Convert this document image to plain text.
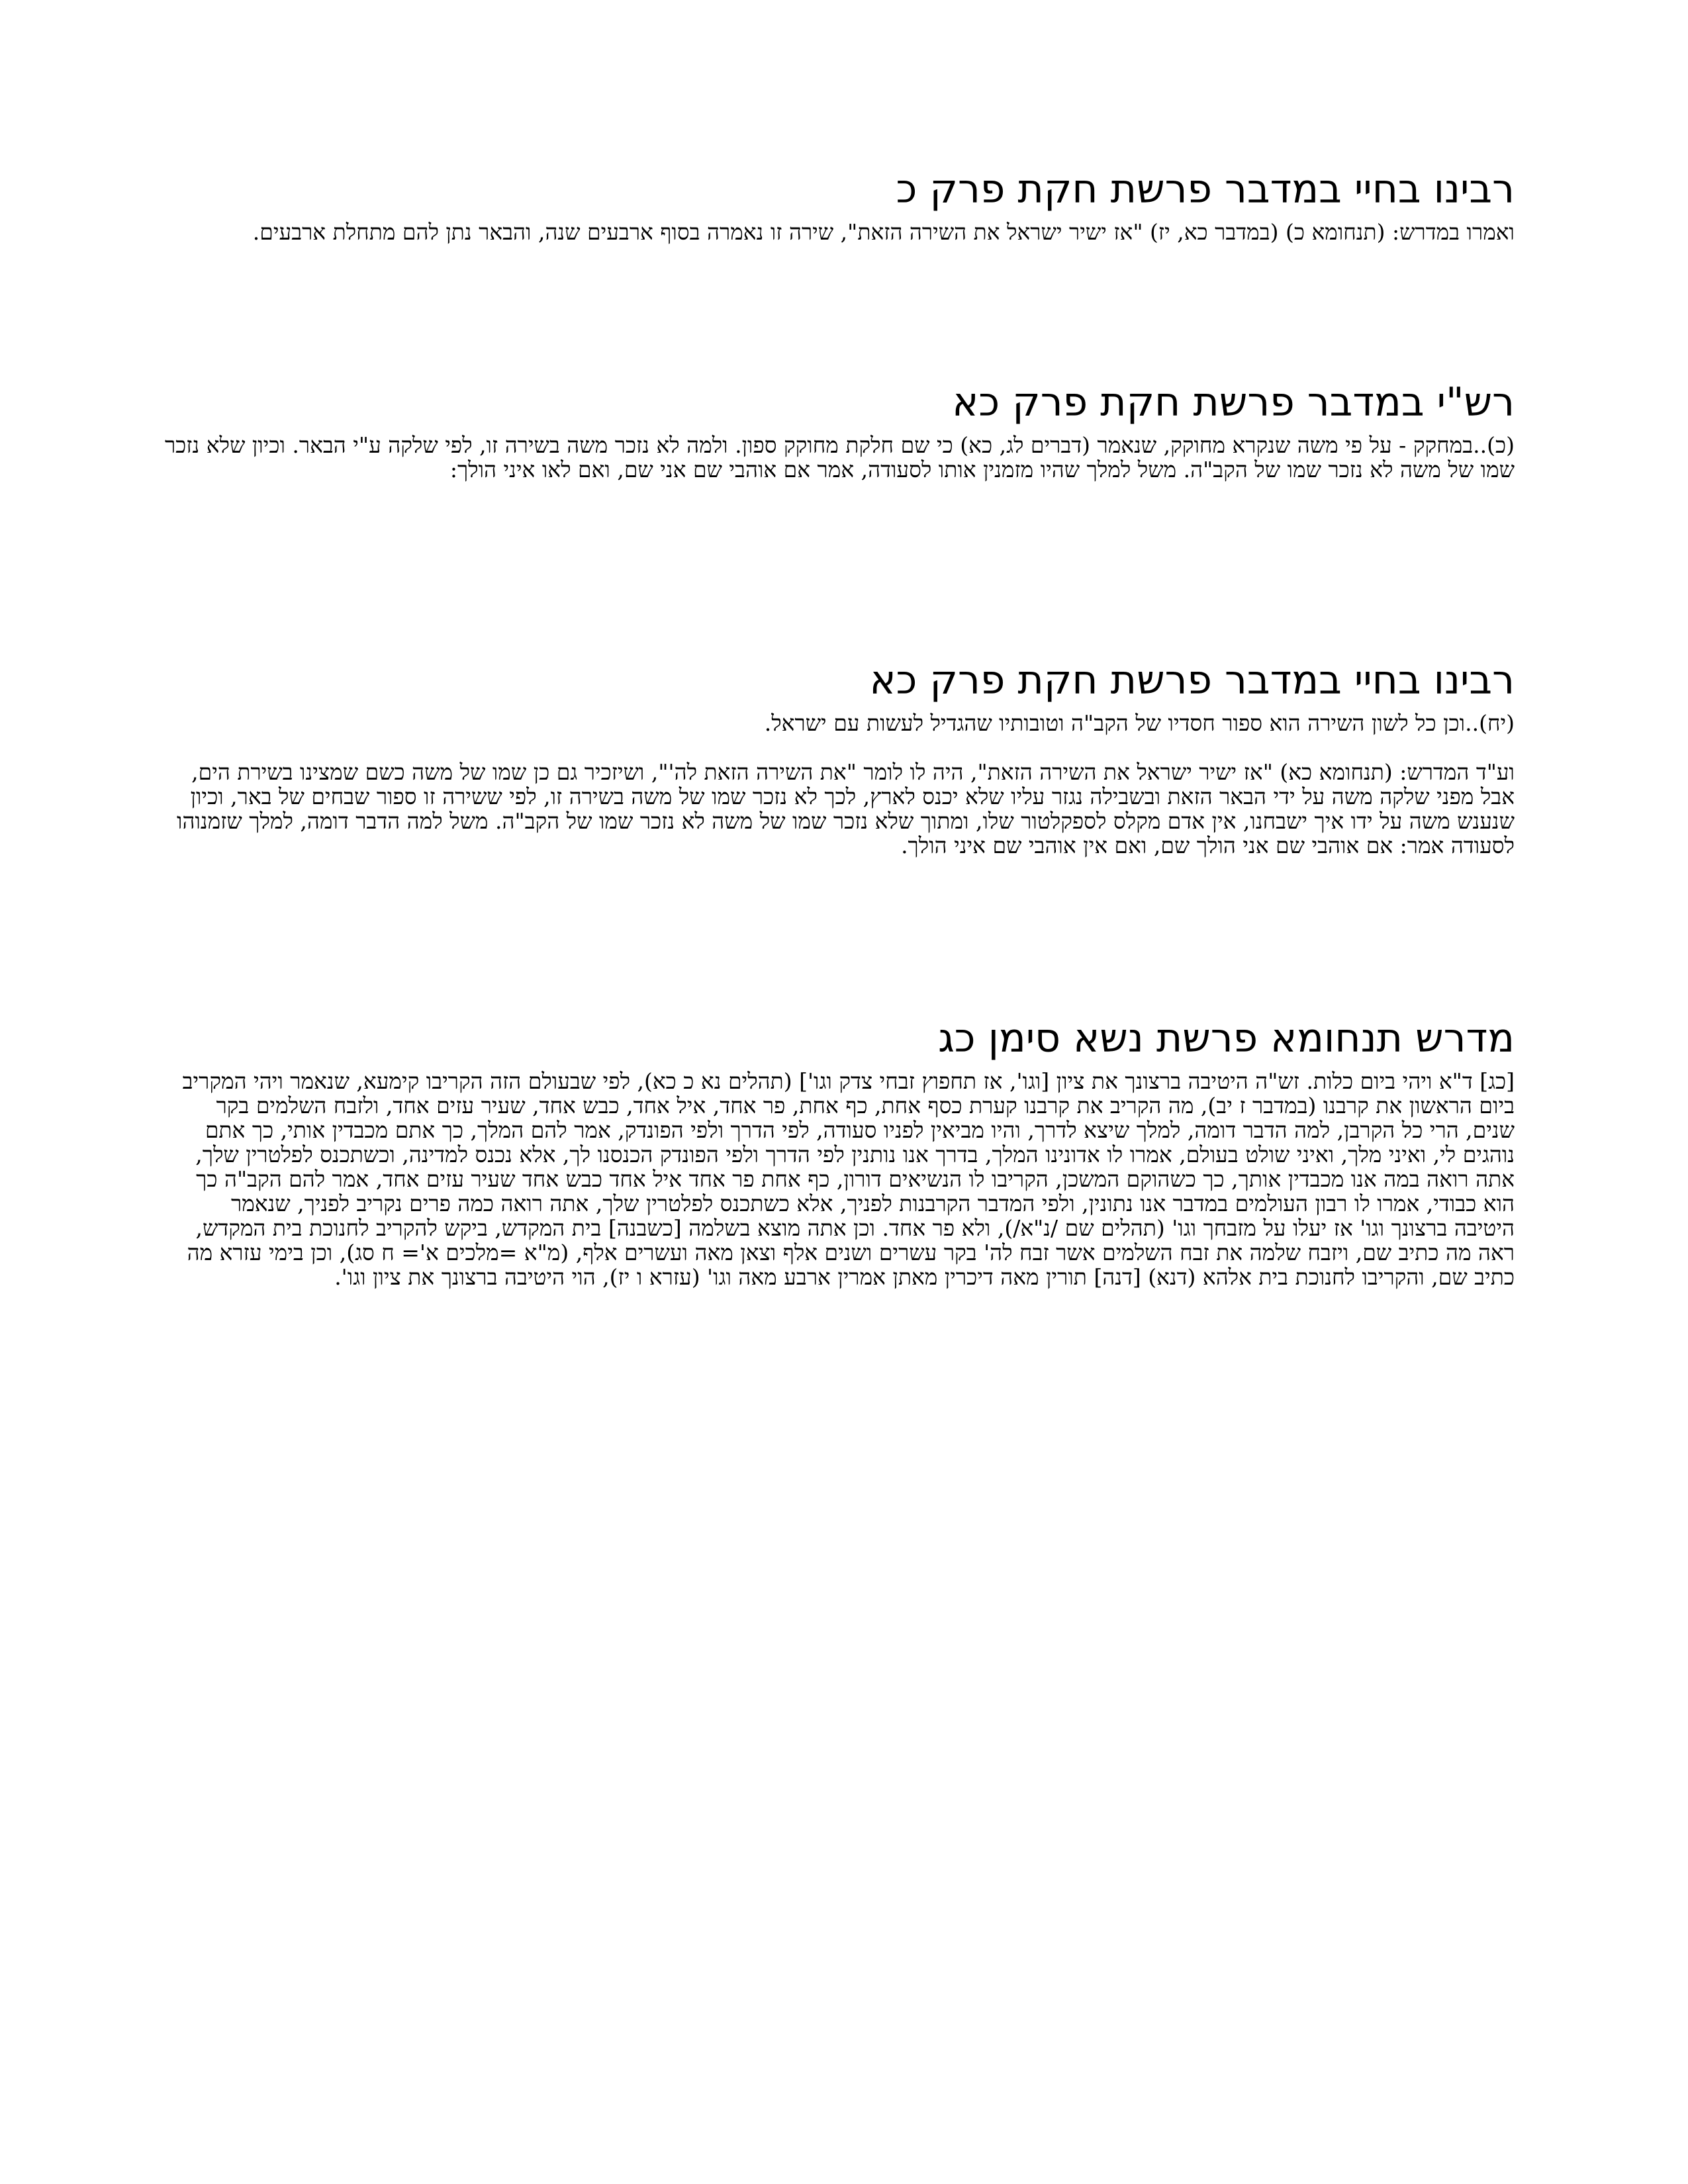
רבינו בחיי במדבר פרשת חקת פרק כ

ואמרו במדרש: (תנחומא כ) (במדבר כא, יז) "אז ישיר ישראל את השירה הזאת", שירה זו נאמרה בסוף ארבעים שנה, והבאר נתן להם מתחלת ארבעים.

רש"י במדבר פרשת חקת פרק כא

(כ)..במחקק - על פי משה שנקרא מחוקק, שנאמר (דברים לג, כא) כי שם חלקת מחוקק ספון. ולמה לא נזכר משה בשירה זו, לפי שלקה ע"י הבאר. וכיון שלא נזכר שמו של משה לא נזכר שמו של הקב"ה. משל למלך שהיו מזמנין אותו לסעודה, אמר אם אוהבי שם אני שם, ואם לאו איני הולך:

רבינו בחיי במדבר פרשת חקת פרק כא

(יח)..וכן כל לשון השירה הוא ספור חסדיו של הקב"ה וטובותיו שהגדיל לעשות עם ישראל.

וע"ד המדרש: (תנחומא כא) "אז ישיר ישראל את השירה הזאת", היה לו לומר "את השירה הזאת לה'", ושיזכיר גם כן שמו של משה כשם שמצינו בשירת הים, אבל מפני שלקה משה על ידי הבאר הזאת ובשבילה נגזר עליו שלא יכנס לארץ, לכך לא נזכר שמו של משה בשירה זו, לפי ששירה זו ספור שבחים של באר, וכיון שנענש משה על ידו איך ישבחנו, אין אדם מקלס לספקלטור שלו, ומתוך שלא נזכר שמו של משה לא נזכר שמו של הקב"ה. משל למה הדבר דומה, למלך שזמנוהו לסעודה אמר: אם אוהבי שם אני הולך שם, ואם אין אוהבי שם איני הולך.

מדרש תנחומא פרשת נשא סימן כג

[כג] ד"א ויהי ביום כלות. זש"ה היטיבה ברצונך את ציון [וגו', אז תחפוץ זבחי צדק וגו'] (תהלים נא כ כא), לפי שבעולם הזה הקריבו קימעא, שנאמר ויהי המקריב ביום הראשון את קרבנו (במדבר ז יב), מה הקריב את קרבנו קערת כסף אחת, כף אחת, פר אחד, איל אחד, כבש אחד, שעיר עזים אחד, ולזבח השלמים בקר שנים, הרי כל הקרבן, למה הדבר דומה, למלך שיצא לדרך, והיו מביאין לפניו סעודה, לפי הדרך ולפי הפונדק, אמר להם המלך, כך אתם מכבדין אותי, כך אתם נוהגים לי, ואיני מלך, ואיני שולט בעולם, אמרו לו אדונינו המלך, בדרך אנו נותנין לפי הדרך ולפי הפונדק הכנסנו לך, אלא נכנס למדינה, וכשתכנס לפלטרין שלך, אתה רואה במה אנו מכבדין אותך, כך כשהוקם המשכן, הקריבו לו הנשיאים דורון, כף אחת פר אחד איל אחד כבש אחד שעיר עזים אחד, אמר להם הקב"ה כך הוא כבודי, אמרו לו רבון העולמים במדבר אנו נתונין, ולפי המדבר הקרבנות לפניך, אלא כשתכנס לפלטרין שלך, אתה רואה כמה פרים נקריב לפניך, שנאמר היטיבה ברצונך וגו' אז יעלו על מזבחך וגו' (תהלים שם /נ"א/), ולא פר אחד. וכן אתה מוצא בשלמה [כשבנה] בית המקדש, ביקש להקריב לחנוכת בית המקדש, ראה מה כתיב שם, ויזבח שלמה את זבח השלמים אשר זבח לה' בקר עשרים ושנים אלף וצאן מאה ועשרים אלף, (מ"א =מלכים א'= ח סג), וכן בימי עזרא מה כתיב שם, והקריבו לחנוכת בית אלהא (דנא) [דנה] תורין מאה דיכרין מאתן אמרין ארבע מאה וגו' (עזרא ו יז), הוי היטיבה ברצונך את ציון וגו'.
